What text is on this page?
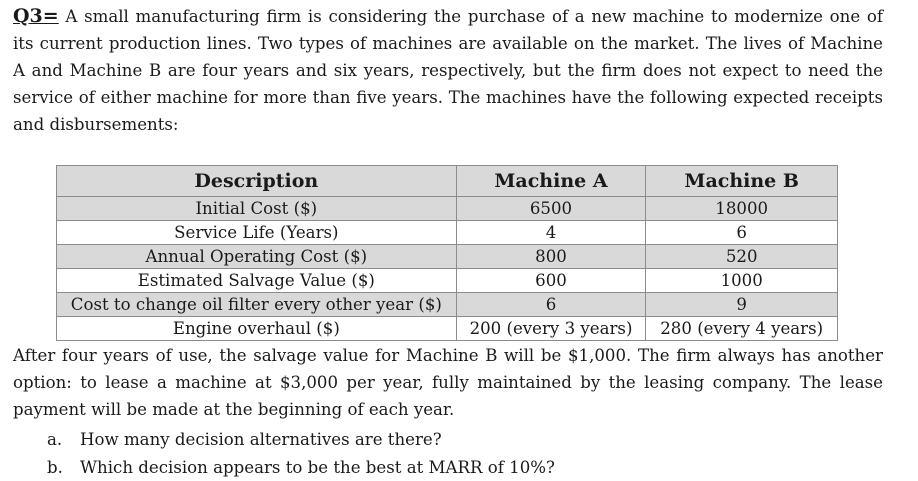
Q3= A small manufacturing firm is considering the purchase of a new machine to modernize one of
its current production lines. Two types of machines are available on the market. The lives of Machine
A and Machine B are four years and six years, respectively, but the firm does not expect to need the
service of either machine for more than five years. The machines have the following expected receipts
and disbursements:
Description	Machine A	Machine B
Initial Cost ($)	6500	18000
Service Life (Years)	4	6
Annual Operating Cost ($)	800	520
Estimated Salvage Value ($)	600	1000
Cost to change oil filter every other year ($)	6	9
Engine overhaul ($)	200 (every 3 years)	280 (every 4 years)
After four years of use, the salvage value for Machine B will be $1,000. The firm always has another
option: to lease a machine at $3,000 per year, fully maintained by the leasing company. The lease
payment will be made at the beginning of each year.
a. How many decision alternatives are there?
b. Which decision appears to be the best at MARR of 10%?
